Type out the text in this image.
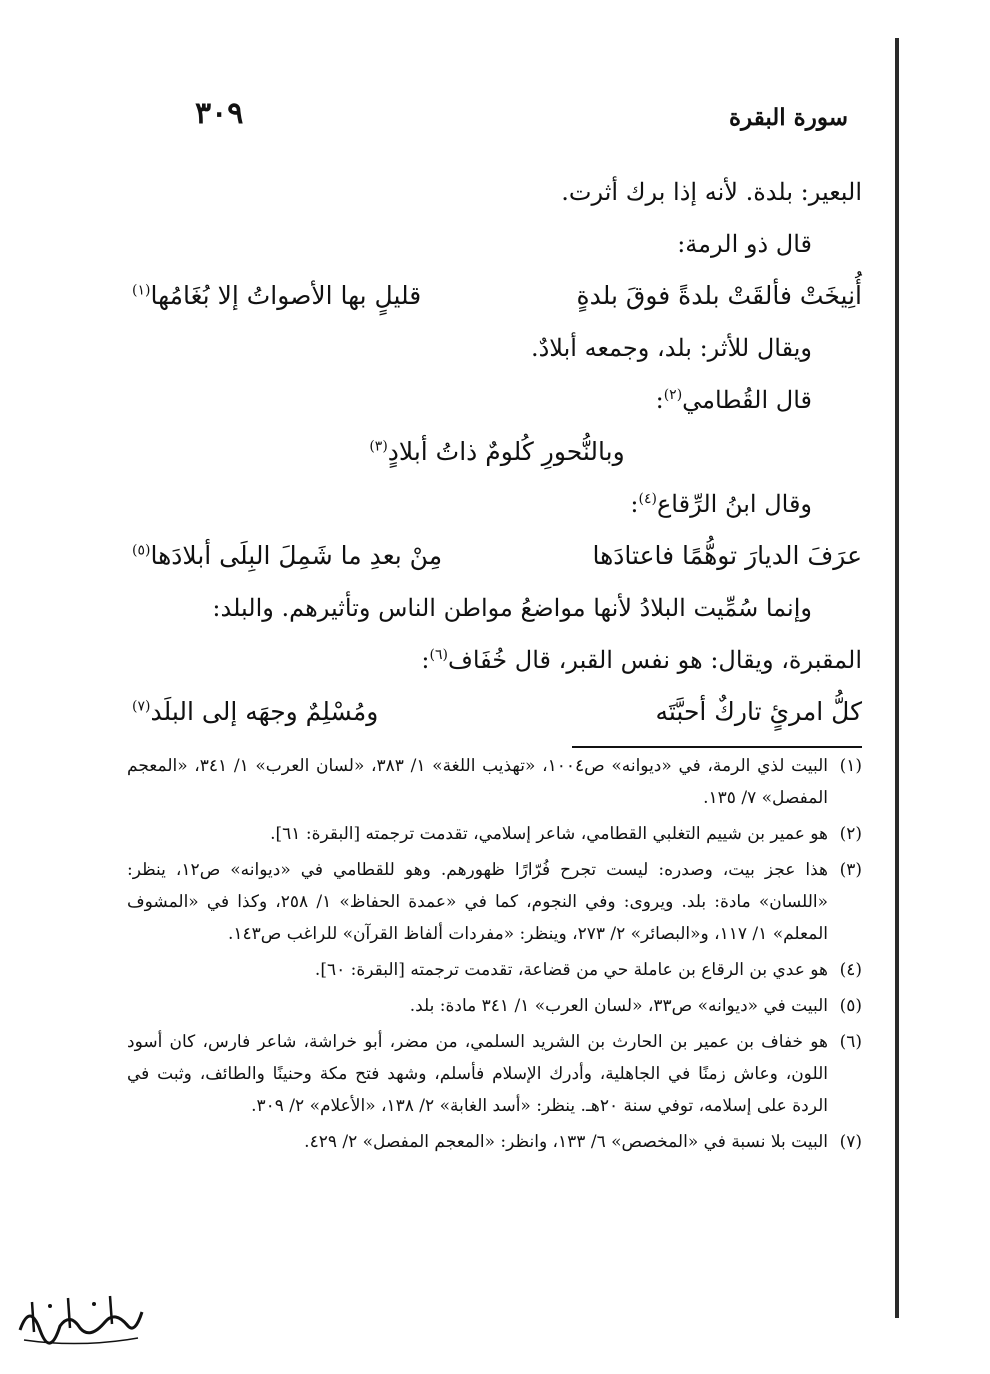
سورة البقرة
٣٠٩

البعير: بلدة. لأنه إذا برك أثرت.

قال ذو الرمة:

أُنِيخَتْ فألقَتْ بلدةً فوقَ بلدةٍ
قليلٍ بها الأصواتُ إلا بُغَامُها$^{(١)}$

ويقال للأثر: بلد، وجمعه أبلادٌ.

قال القُطامي$^{(٢)}$:

وبالنُّحورِ كُلومٌ ذاتُ أبلادٍ$^{(٣)}$

وقال ابنُ الرِّقاع$^{(٤)}$:

عرَفَ الديارَ توهُّمًا فاعتادَها
مِنْ بعدِ ما شَمِلَ البِلَى أبلادَها$^{(٥)}$

وإنما سُمِّيت البلادُ لأنها مواضعُ مواطن الناس وتأثيرهم. والبلد:

المقبرة، ويقال: هو نفس القبر، قال خُفَاف$^{(٦)}$:

كلُّ امرئٍ تاركٌ أحبَّتَه
ومُسْلِمٌ وجهَه إلى البلَد$^{(٧)}$
(١)
البيت لذي الرمة، في «ديوانه» ص١٠٠٤، «تهذيب اللغة» ١/ ٣٨٣، «لسان العرب» ١/ ٣٤١، «المعجم المفصل» ٧/ ١٣٥.
(٢)
هو عمير بن شييم التغلبي القطامي، شاعر إسلامي، تقدمت ترجمته [البقرة: ٦١].
(٣)
هذا عجز بيت، وصدره: ليست تجرح فُرّارًا ظهورهم. وهو للقطامي في «ديوانه» ص١٢، ينظر: «اللسان» مادة: بلد. ويروى: وفي النجوم، كما في «عمدة الحفاظ» ١/ ٢٥٨، وكذا في «المشوف المعلم» ١/ ١١٧، و«البصائر» ٢/ ٢٧٣، وينظر: «مفردات ألفاظ القرآن» للراغب ص١٤٣.
(٤)
هو عدي بن الرقاع بن عاملة حي من قضاعة، تقدمت ترجمته [البقرة: ٦٠].
(٥)
البيت في «ديوانه» ص٣٣، «لسان العرب» ١/ ٣٤١ مادة: بلد.
(٦)
هو خفاف بن عمير بن الحارث بن الشريد السلمي، من مضر، أبو خراشة، شاعر فارس، كان أسود اللون، وعاش زمنًا في الجاهلية، وأدرك الإسلام فأسلم، وشهد فتح مكة وحنينًا والطائف، وثبت في الردة على إسلامه، توفي سنة ٢٠هـ. ينظر: «أسد الغابة» ٢/ ١٣٨، «الأعلام» ٢/ ٣٠٩.
(٧)
البيت بلا نسبة في «المخصص» ٦/ ١٣٣، وانظر: «المعجم المفصل» ٢/ ٤٢٩.
